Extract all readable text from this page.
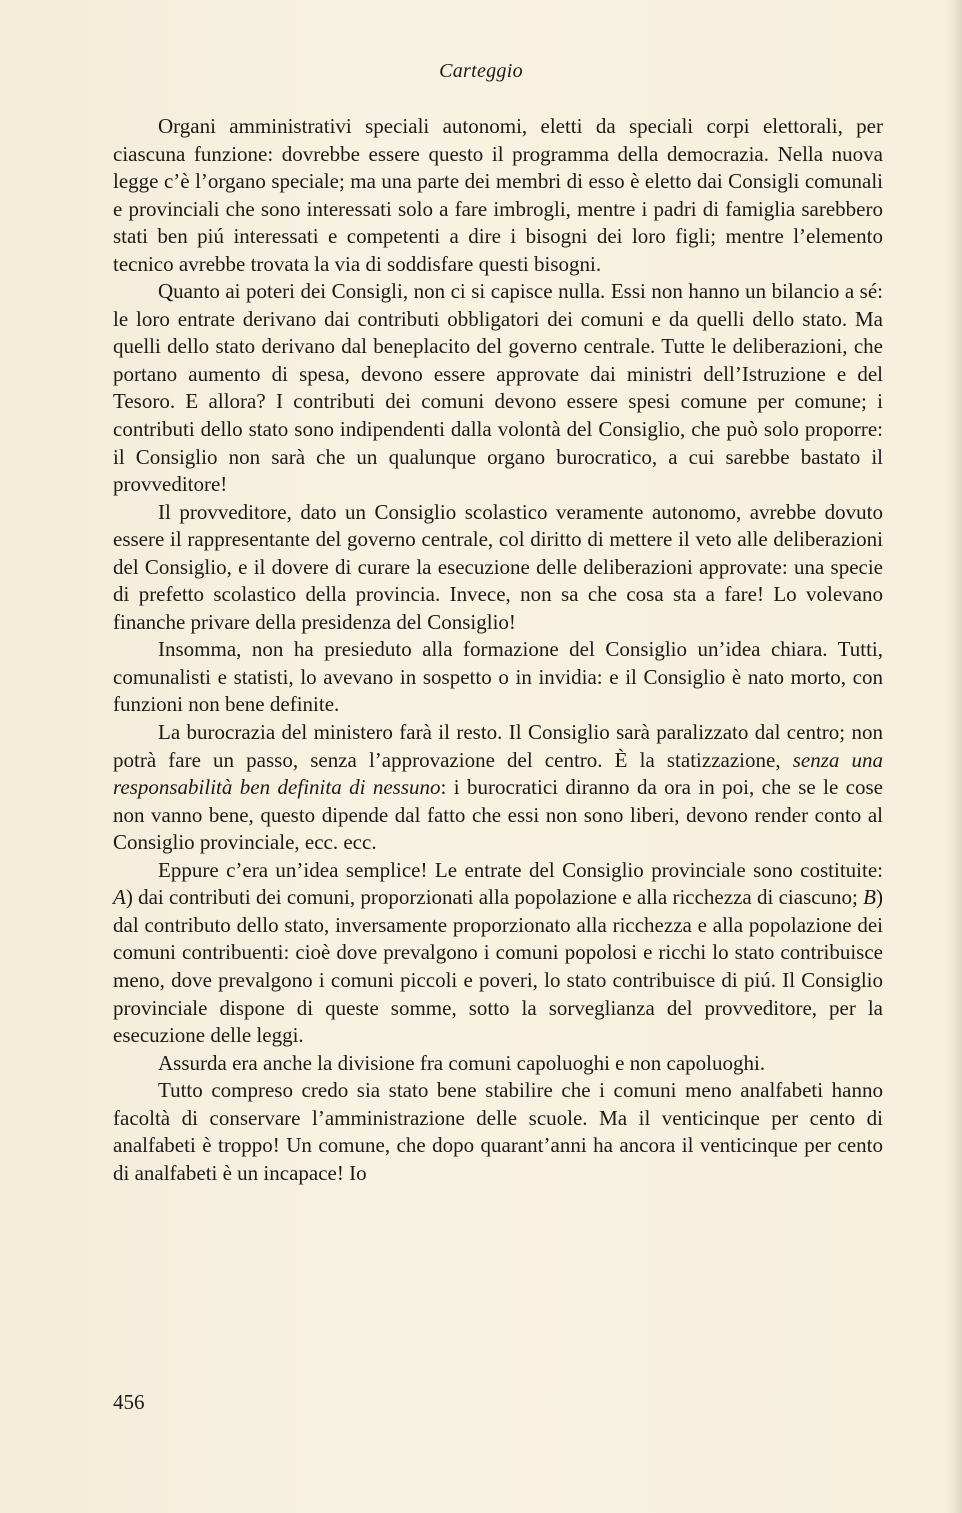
Carteggio

Organi amministrativi speciali autonomi, eletti da speciali corpi elettorali, per ciascuna funzione: dovrebbe essere questo il programma della democrazia. Nella nuova legge c’è l’organo speciale; ma una parte dei membri di esso è eletto dai Consigli comunali e provinciali che sono interessati solo a fare imbrogli, mentre i padri di famiglia sarebbero stati ben piú interessati e competenti a dire i bisogni dei loro figli; mentre l’elemento tecnico avrebbe trovata la via di soddisfare questi bisogni.

Quanto ai poteri dei Consigli, non ci si capisce nulla. Essi non hanno un bilancio a sé: le loro entrate derivano dai contributi obbligatori dei comuni e da quelli dello stato. Ma quelli dello stato derivano dal beneplacito del governo centrale. Tutte le deliberazioni, che portano aumento di spesa, devono essere approvate dai ministri dell’Istruzione e del Tesoro. E allora? I contributi dei comuni devono essere spesi comune per comune; i contributi dello stato sono indipendenti dalla volontà del Consiglio, che può solo proporre: il Consiglio non sarà che un qualunque organo burocratico, a cui sarebbe bastato il provveditore!

Il provveditore, dato un Consiglio scolastico veramente autonomo, avrebbe dovuto essere il rappresentante del governo centrale, col diritto di mettere il veto alle deliberazioni del Consiglio, e il dovere di curare la esecuzione delle deliberazioni approvate: una specie di prefetto scolastico della provincia. Invece, non sa che cosa sta a fare! Lo volevano finanche privare della presidenza del Consiglio!

Insomma, non ha presieduto alla formazione del Consiglio un’idea chiara. Tutti, comunalisti e statisti, lo avevano in sospetto o in invidia: e il Consiglio è nato morto, con funzioni non bene definite.

La burocrazia del ministero farà il resto. Il Consiglio sarà paralizzato dal centro; non potrà fare un passo, senza l’approvazione del centro. È la statizzazione, senza una responsabilità ben definita di nessuno: i burocratici diranno da ora in poi, che se le cose non vanno bene, questo dipende dal fatto che essi non sono liberi, devono render conto al Consiglio provinciale, ecc. ecc.

Eppure c’era un’idea semplice! Le entrate del Consiglio provinciale sono costituite: A) dai contributi dei comuni, proporzionati alla popolazione e alla ricchezza di ciascuno; B) dal contributo dello stato, inversamente proporzionato alla ricchezza e alla popolazione dei comuni contribuenti: cioè dove prevalgono i comuni popolosi e ricchi lo stato contribuisce meno, dove prevalgono i comuni piccoli e poveri, lo stato contribuisce di piú. Il Consiglio provinciale dispone di queste somme, sotto la sorveglianza del provveditore, per la esecuzione delle leggi.

Assurda era anche la divisione fra comuni capoluoghi e non capoluoghi.

Tutto compreso credo sia stato bene stabilire che i comuni meno analfabeti hanno facoltà di conservare l’amministrazione delle scuole. Ma il venticinque per cento di analfabeti è troppo! Un comune, che dopo quarant’anni ha ancora il venticinque per cento di analfabeti è un incapace! Io

456
